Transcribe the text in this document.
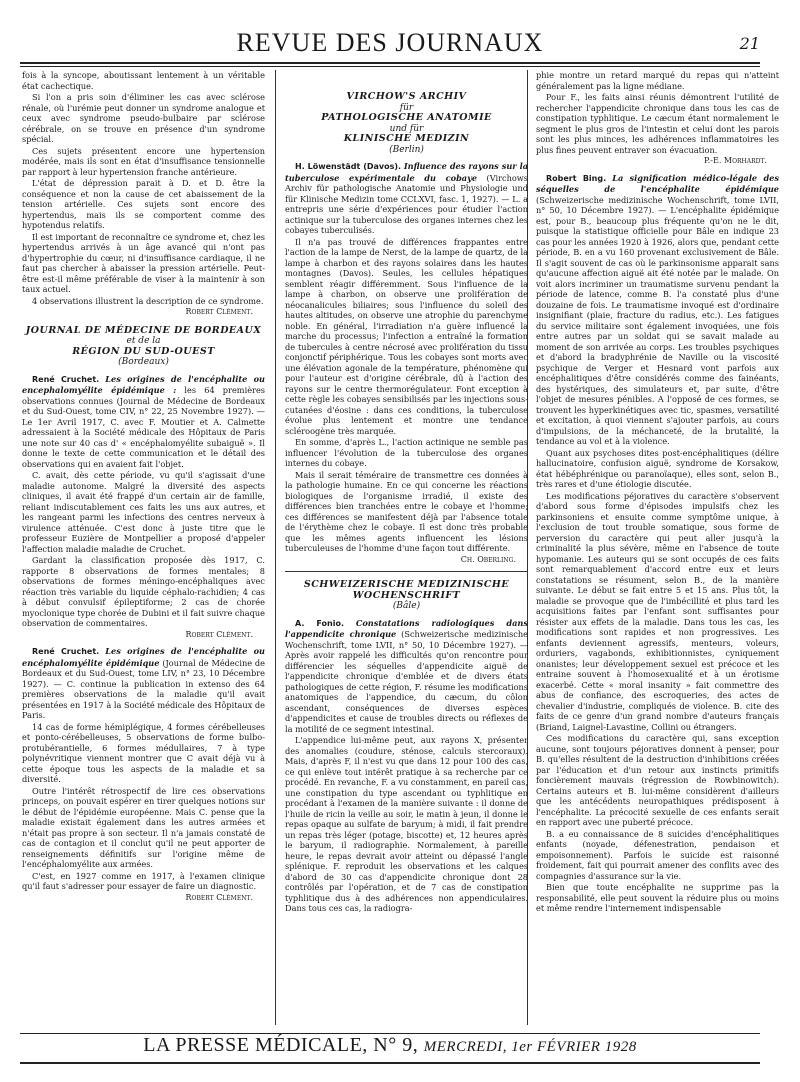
REVUE DES JOURNAUX	21

fois à la syncope, aboutissant lentement à un véritable état cachectique.

Si l'on a pris soin d'éliminer les cas avec sclérose rénale, où l'urémie peut donner un syndrome analogue et ceux avec syndrome pseudo-bulbaire par sclérose cérébrale, on se trouve en présence d'un syndrome spécial.

Ces sujets présentent encore une hypertension modérée, mais ils sont en état d'insuffisance tensionnelle par rapport à leur hypertension franche antérieure.

L'état de dépression parait à D. et D. être la conséquence et non la cause de cet abaissement de la tension artérielle. Ces sujets sont encore des hypertendus, mais ils se comportent comme des hypotendus relatifs.

Il est important de reconnaître ce syndrome et, chez les hypertendus arrivés à un âge avancé qui n'ont pas d'hypertrophie du cœur, ni d'insuffisance cardiaque, il ne faut pas chercher à abaisser la pression artérielle. Peut-être est-il même préférable de viser à la maintenir à son taux actuel.

4 observations illustrent la description de ce syndrome.

Robert Clément.
JOURNAL DE MÉDECINE DE BORDEAUX
et de la
RÉGION DU SUD-OUEST
(Bordeaux)

René Cruchet. Les origines de l'encéphalite ou encephalomyélite épidémique : les 64 premières observations connues (Journal de Médecine de Bordeaux et du Sud-Ouest, tome CIV, n° 22, 25 Novembre 1927). — Le 1er Avril 1917, C. avec F. Moutier et A. Calmette adressaient à la Société médicale des Hôpitaux de Paris une note sur 40 cas d' « encéphalomyélite subaiguë ». Il donne le texte de cette communication et le détail des observations qui en avaient fait l'objet.

C. avait, dès cette période, vu qu'il s'agissait d'une maladie autonome. Malgré la diversité des aspects cliniques, il avait été frappé d'un certain air de famille, reliant indiscutablement ces faits les uns aux autres, et les rangeant parmi les infections des centres nerveux à virulence atténuée. C'est donc à juste titre que le professeur Euzière de Montpellier a proposé d'appeler l'affection maladie maladie de Cruchet.

Gardant la classification proposée dès 1917, C. rapporte 8 observations de formes mentales; 8 observations de formes méningo-encéphaliques avec réaction très variable du liquide céphalo-rachidien; 4 cas à début convulsif épileptiforme; 2 cas de chorée myoclonique type chorée de Dubini et il fait suivre chaque observation de commentaires.

Robert Clément.

René Cruchet. Les origines de l'encéphalite ou encéphalomyélite épidémique (Journal de Médecine de Bordeaux et du Sud-Ouest, tome LIV, n° 23, 10 Décembre 1927). — C. continue la publication in extenso des 64 premières observations de la maladie qu'il avait présentées en 1917 à la Société médicale des Hôpitaux de Paris.

14 cas de forme hémiplégique, 4 formes cérébelleuses et ponto-cérébelleuses, 5 observations de forme bulbo-protubérantielle, 6 formes médullaires, 7 à type polynévritique viennent montrer que C avait déjà vu à cette époque tous les aspects de la maladie et sa diversité.

Outre l'intérêt rétrospectif de lire ces observations princeps, on pouvait espérer en tirer quelques notions sur le début de l'épidémie européenne. Mais C. pense que la maladie existait également dans les autres armées et n'était pas propre à son secteur. Il n'a jamais constaté de cas de contagion et il conclut qu'il ne peut apporter de renseignements définitifs sur l'origine même de l'encéphalomyélite aux armées.

C'est, en 1927 comme en 1917, à l'examen clinique qu'il faut s'adresser pour essayer de faire un diagnostic.

Robert Clément.
VIRCHOW'S ARCHIV
für
PATHOLOGISCHE ANATOMIE
und für
KLINISCHE MEDIZIN
(Berlin)

H. Löwenstädt (Davos). Influence des rayons sur la tuberculose expérimentale du cobaye (Virchows Archiv für pathologische Anatomie und Physiologie und für Klinische Medizin tome CCLXVI, fasc. 1, 1927). — L. a entrepris une série d'expériences pour étudier l'action actinique sur la tuberculose des organes internes chez les cobayes tuberculisés.

Il n'a pas trouvé de différences frappantes entre l'action de la lampe de Nerst, de la lampe de quartz, de la lampe à charbon et des rayons solaires dans les hautes montagnes (Davos). Seules, les cellules hépatiques semblent réagir différemment. Sous l'influence de la lampe à charbon, on observe une prolifération de néocanalicules biliaires; sous l'influence du soleil des hautes altitudes, on observe une atrophie du parenchyme noble. En général, l'irradiation n'a guère influencé la marche du processus; l'infection a entraîné la formation de tubercules à centre nécrosé avec prolifération du tissu conjonctif périphérique. Tous les cobayes sont morts avec une élévation agonale de la température, phénomène qui pour l'auteur est d'origine cérébrale, dû à l'action des rayons sur le centre thermorégulateur. Font exception à cette règle les cobayes sensibilisés par les injections sous-cutanées d'éosine : dans ces conditions, la tuberculose évolue plus lentement et montre une tendance scléroogène très marquée.

En somme, d'après L., l'action actinique ne semble pas influencer l'évolution de la tuberculose des organes internes du cobaye.

Mais il serait téméraire de transmettre ces données à la pathologie humaine. En ce qui concerne les réactions biologiques de l'organisme irradié, il existe des différences bien tranchées entre le cobaye et l'homme; ces différences se manifestent déjà par l'absence totale de l'érythème chez le cobaye. Il est donc très probable que les mêmes agents influencent les lésions tuberculeuses de l'homme d'une façon tout différente.

Ch. Oberling.
SCHWEIZERISCHE MEDIZINISCHE
WOCHENSCHRIFT
(Bâle)

A. Fonio. Constatations radiologiques dans l'appendicite chronique (Schweizerische medizinische Wochenschrift, tome LVII, n° 50, 10 Décembre 1927). — Après avoir rappelé les difficultés qu'on rencontre pour différencier les séquelles d'appendicite aiguë de l'appendicite chronique d'emblée et de divers états pathologiques de cette région, F. résume les modifications anatomiques de l'appendice, du cæcum, du côlon ascendant, conséquences de diverses espèces d'appendicites et cause de troubles directs ou réflexes de la motilité de ce segment intestinal.

L'appendice lui-même peut, aux rayons X, présenter des anomalies (coudure, sténose, calculs stercoraux). Mais, d'après F, il n'est vu que dans 12 pour 100 des cas, ce qui enlève tout intérêt pratique à sa recherche par ce procédé. En revanche, F. a vu constamment, en pareil cas, une constipation du type ascendant ou typhlitique en procédant à l'examen de la manière suivante : il donne de l'huile de ricin la veille au soir, le matin à jeun, il donne le repas opaque au sulfate de baryum; à midi, il fait prendre un repas très léger (potage, biscotte) et, 12 heures après le baryum, il radiographie. Normalement, à pareille heure, le repas devrait avoir atteint ou dépassé l'angle splénique. F. reproduit les observations et les calques d'abord de 30 cas d'appendicite chronique dont 28 contrôlés par l'opération, et de 7 cas de constipation typhlitique dus à des adhérences non appendiculaires. Dans tous ces cas, la radiogra-

phie montre un retard marqué du repas qui n'atteint généralement pas la ligne médiane.

Pour F., les faits ainsi réunis démontrent l'utilité de rechercher l'appendicite chronique dans tous les cas de constipation typhlitique. Le cæcum étant normalement le segment le plus gros de l'intestin et celui dont les parois sont les plus minces, les adhérences inflammatoires les plus fines peuvent entraver son évacuation.

P.-E. Morhardt.

Robert Bing. La signification médico-légale des séquelles de l'encéphalite épidémique (Schweizerische medizinische Wochenschrift, tome LVII, n° 50, 10 Décembre 1927). — L'encéphalite épidémique est, pour B., beaucoup plus fréquente qu'on ne le dit, puisque la statistique officielle pour Bâle en indique 23 cas pour les années 1920 à 1926, alors que, pendant cette période, B. en a vu 160 provenant exclusivement de Bâle. Il s'agit souvent de cas où le parkinsonisme apparait sans qu'aucune affection aiguë ait été notée par le malade. On voit alors incriminer un traumatisme survenu pendant la période de latence, comme B. l'a constaté plus d'une douzaine de fois. Le traumatisme invoqué est d'ordinaire insignifiant (plaie, fracture du radius, etc.). Les fatigues du service militaire sont également invoquées, une fois entre autres par un soldat qui se savait malade au moment de son arrivée au corps. Les troubles psychiques et d'abord la bradyphrénie de Naville ou la viscosité psychique de Verger et Hesnard vont parfois aux encéphalitiques d'être considérés comme des fainéants, des hystériques, des simulateurs et, par suite, d'être l'objet de mesures pénibles. A l'opposé de ces formes, se trouvent les hyperkinétiques avec tic, spasmes, versatilité et excitation, à quoi viennent s'ajouter parfois, au cours d'impulsions, de la méchanceté, de la brutalité, la tendance au vol et à la violence.

Quant aux psychoses dites post-encéphalitiques (délire hallucinatoire, confusion aiguë, syndrome de Korsakow, état hébéphrénique ou paranoïaque), elles sont, selon B., très rares et d'une étiologie discutée.

Les modifications péjoratives du caractère s'observent d'abord sous forme d'épisodes impulsifs chez les parkinsoniens et ensuite comme symptôme unique, à l'exclusion de tout trouble somatique, sous forme de perversion du caractère qui peut aller jusqu'à la criminalité la plus sévère, même en l'absence de toute hypomanie. Les auteurs qui se sont occupés de ces faits sont remarquablement d'accord entre eux et leurs constatations se résument, selon B., de la manière suivante. Le début se fait entre 5 et 15 ans. Plus tôt, la maladie se provoque que de l'imbécillité et plus tard les acquisitions faites par l'enfant sont suffisantes pour résister aux effets de la maladie. Dans tous les cas, les modifications sont rapides et non progressives. Les enfants deviennent agressifs, menteurs, voleurs, orduriers, vagabonds, exhibitionnistes, cyniquement onanistes; leur développement sexuel est précoce et les entraine souvent à l'homosexualité et à un érotisme exacerbé. Cette « moral insanity » fait commettre des abus de confiance, des escroqueries, des actes de chevalier d'industrie, compliqués de violence. B. cite des faits de ce genre d'un grand nombre d'auteurs français (Briand, Laignel-Lavastine, Collini ou étrangers.

Ces modifications du caractère qui, sans exception aucune, sont toujours péjoratives donnent à penser, pour B. qu'elles résultent de la destruction d'inhibitions créées par l'éducation et d'un retour aux instincts primitifs foncièrement mauvais (régression de Rowbinowitch). Certains auteurs et B. lui-même considèrent d'ailleurs que les antécédents neuropathiques prédisposent à l'encéphalite. La précocité sexuelle de ces enfants serait en rapport avec une puberté précoce.

B. a eu connaissance de 8 suicides d'encéphalitiques enfants (noyade, défenestration, pendaison et empoisonnement). Parfois le suicide est raisonné froidement, fait qui pourrait amener des conflits avec des compagnies d'assurance sur la vie.

Bien que toute encéphalite ne supprime pas la responsabilité, elle peut souvent la réduire plus ou moins et même rendre l'internement indispensable

LA PRESSE MÉDICALE, N° 9, MERCREDI, 1er FÉVRIER 1928
